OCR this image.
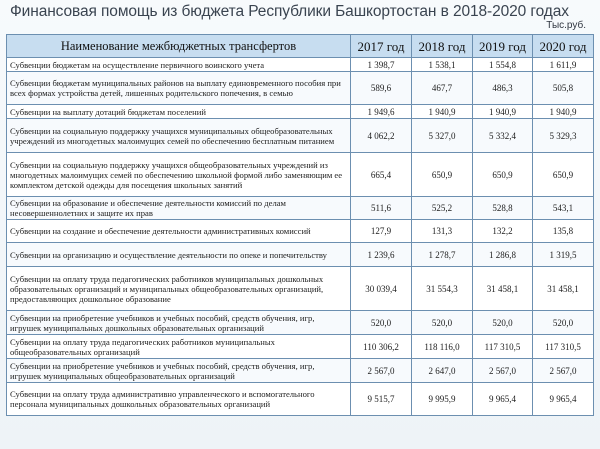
Финансовая помощь из бюджета Республики Башкортостан в 2018-2020 годах
Тыс.руб.
Наименование межбюджетных трансфертов	2017 год	2018 год	2019 год	2020 год
Субвенции бюджетам на осуществление первичного воинского учета	1 398,7	1 538,1	1 554,8	1 611,9
Субвенции бюджетам муниципальных районов на выплату единовременного пособия при всех формах устройства детей, лишенных родительского попечения, в семью	589,6	467,7	486,3	505,8
Субвенции на выплату дотаций бюджетам поселений	1 949,6	1 940,9	1 940,9	1 940,9
Субвенции на социальную поддержку учащихся муниципальных общеобразовательных учреждений из многодетных малоимущих семей по обеспечению бесплатным питанием	4 062,2	5 327,0	5 332,4	5 329,3
Субвенции на социальную поддержку учащихся общеобразовательных учреждений из многодетных малоимущих семей по обеспечению школьной формой либо заменяющим ее комплектом детской одежды для посещения школьных занятий	665,4	650,9	650,9	650,9
Субвенции на образование и обеспечение деятельности комиссий по делам несовершеннолетних и защите их прав	511,6	525,2	528,8	543,1
Субвенции на создание и обеспечение деятельности административных комиссий	127,9	131,3	132,2	135,8
Субвенции на организацию и осуществление деятельности по опеке и попечительству	1 239,6	1 278,7	1 286,8	1 319,5
Субвенции на оплату труда педагогических работников муниципальных дошкольных образовательных организаций и муниципальных общеобразовательных организаций, предоставляющих дошкольное образование	30 039,4	31 554,3	31 458,1	31 458,1
Субвенции на приобретение учебников и учебных пособий, средств обучения, игр, игрушек муниципальных дошкольных образовательных организаций	520,0	520,0	520,0	520,0
Субвенции на оплату труда педагогических работников муниципальных общеобразовательных организаций	110 306,2	118 116,0	117 310,5	117 310,5
Субвенции на приобретение учебников и учебных пособий, средств обучения, игр, игрушек муниципальных общеобразовательных организаций	2 567,0	2 647,0	2 567,0	2 567,0
Субвенции на оплату труда административно управленческого и вспомогательного персонала муниципальных дошкольных образовательных организаций	9 515,7	9 995,9	9 965,4	9 965,4
